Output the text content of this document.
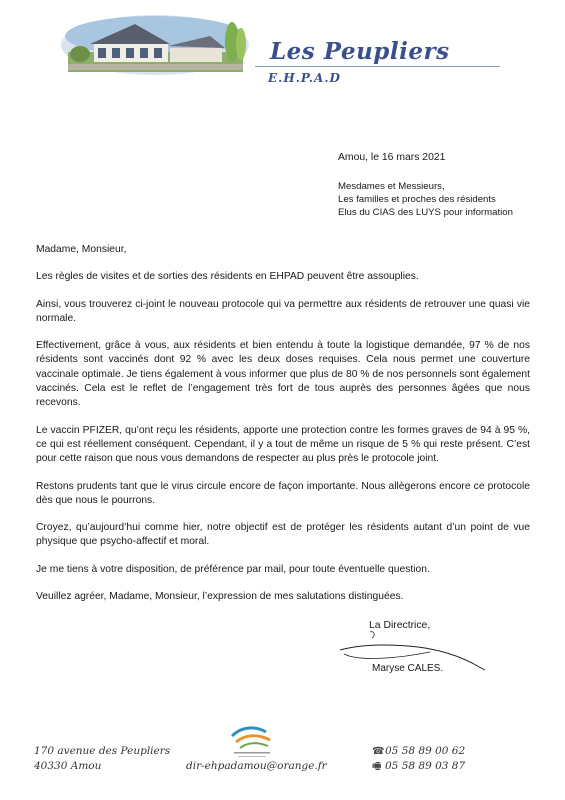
Les Peupliers
E.H.P.A.D
Amou, le 16 mars 2021
Mesdames et Messieurs,
Les familles et proches des résidents
Elus du CIAS des LUYS pour information

Madame, Monsieur,

Les règles de visites et de sorties des résidents en EHPAD peuvent être assouplies.

Ainsi, vous trouverez ci-joint le nouveau protocole qui va permettre aux résidents de retrouver une quasi vie normale.

Effectivement, grâce à vous, aux résidents et bien entendu à toute la logistique demandée, 97 % de nos résidents sont vaccinés dont 92 % avec les deux doses requises. Cela nous permet une couverture vaccinale optimale. Je tiens également à vous informer que plus de 80 % de nos personnels sont également vaccinés. Cela est le reflet de l’engagement très fort de tous auprès des personnes âgées que nous recevons.

Le vaccin PFIZER, qu’ont reçu les résidents, apporte une protection contre les formes graves de 94 à 95 %, ce qui est réellement conséquent. Cependant, il y a tout de même un risque de 5 % qui reste présent. C’est pour cette raison que nous vous demandons de respecter au plus près le protocole joint.

Restons prudents tant que le virus circule encore de façon importante. Nous allègerons encore ce protocole dès que nous le pourrons.

Croyez, qu’aujourd’hui comme hier, notre objectif est de protéger les résidents autant d’un point de vue physique que psycho-affectif et moral.

Je me tiens à votre disposition, de préférence par mail, pour toute éventuelle question.

Veuillez agréer, Madame, Monsieur, l’expression de mes salutations distinguées.

La Directrice,
Maryse CALES.
170 avenue des Peupliers
40330 Amou	dir-ehpadamou@orange.fr
☎05 58 89 00 62
🖷 05 58 89 03 87
